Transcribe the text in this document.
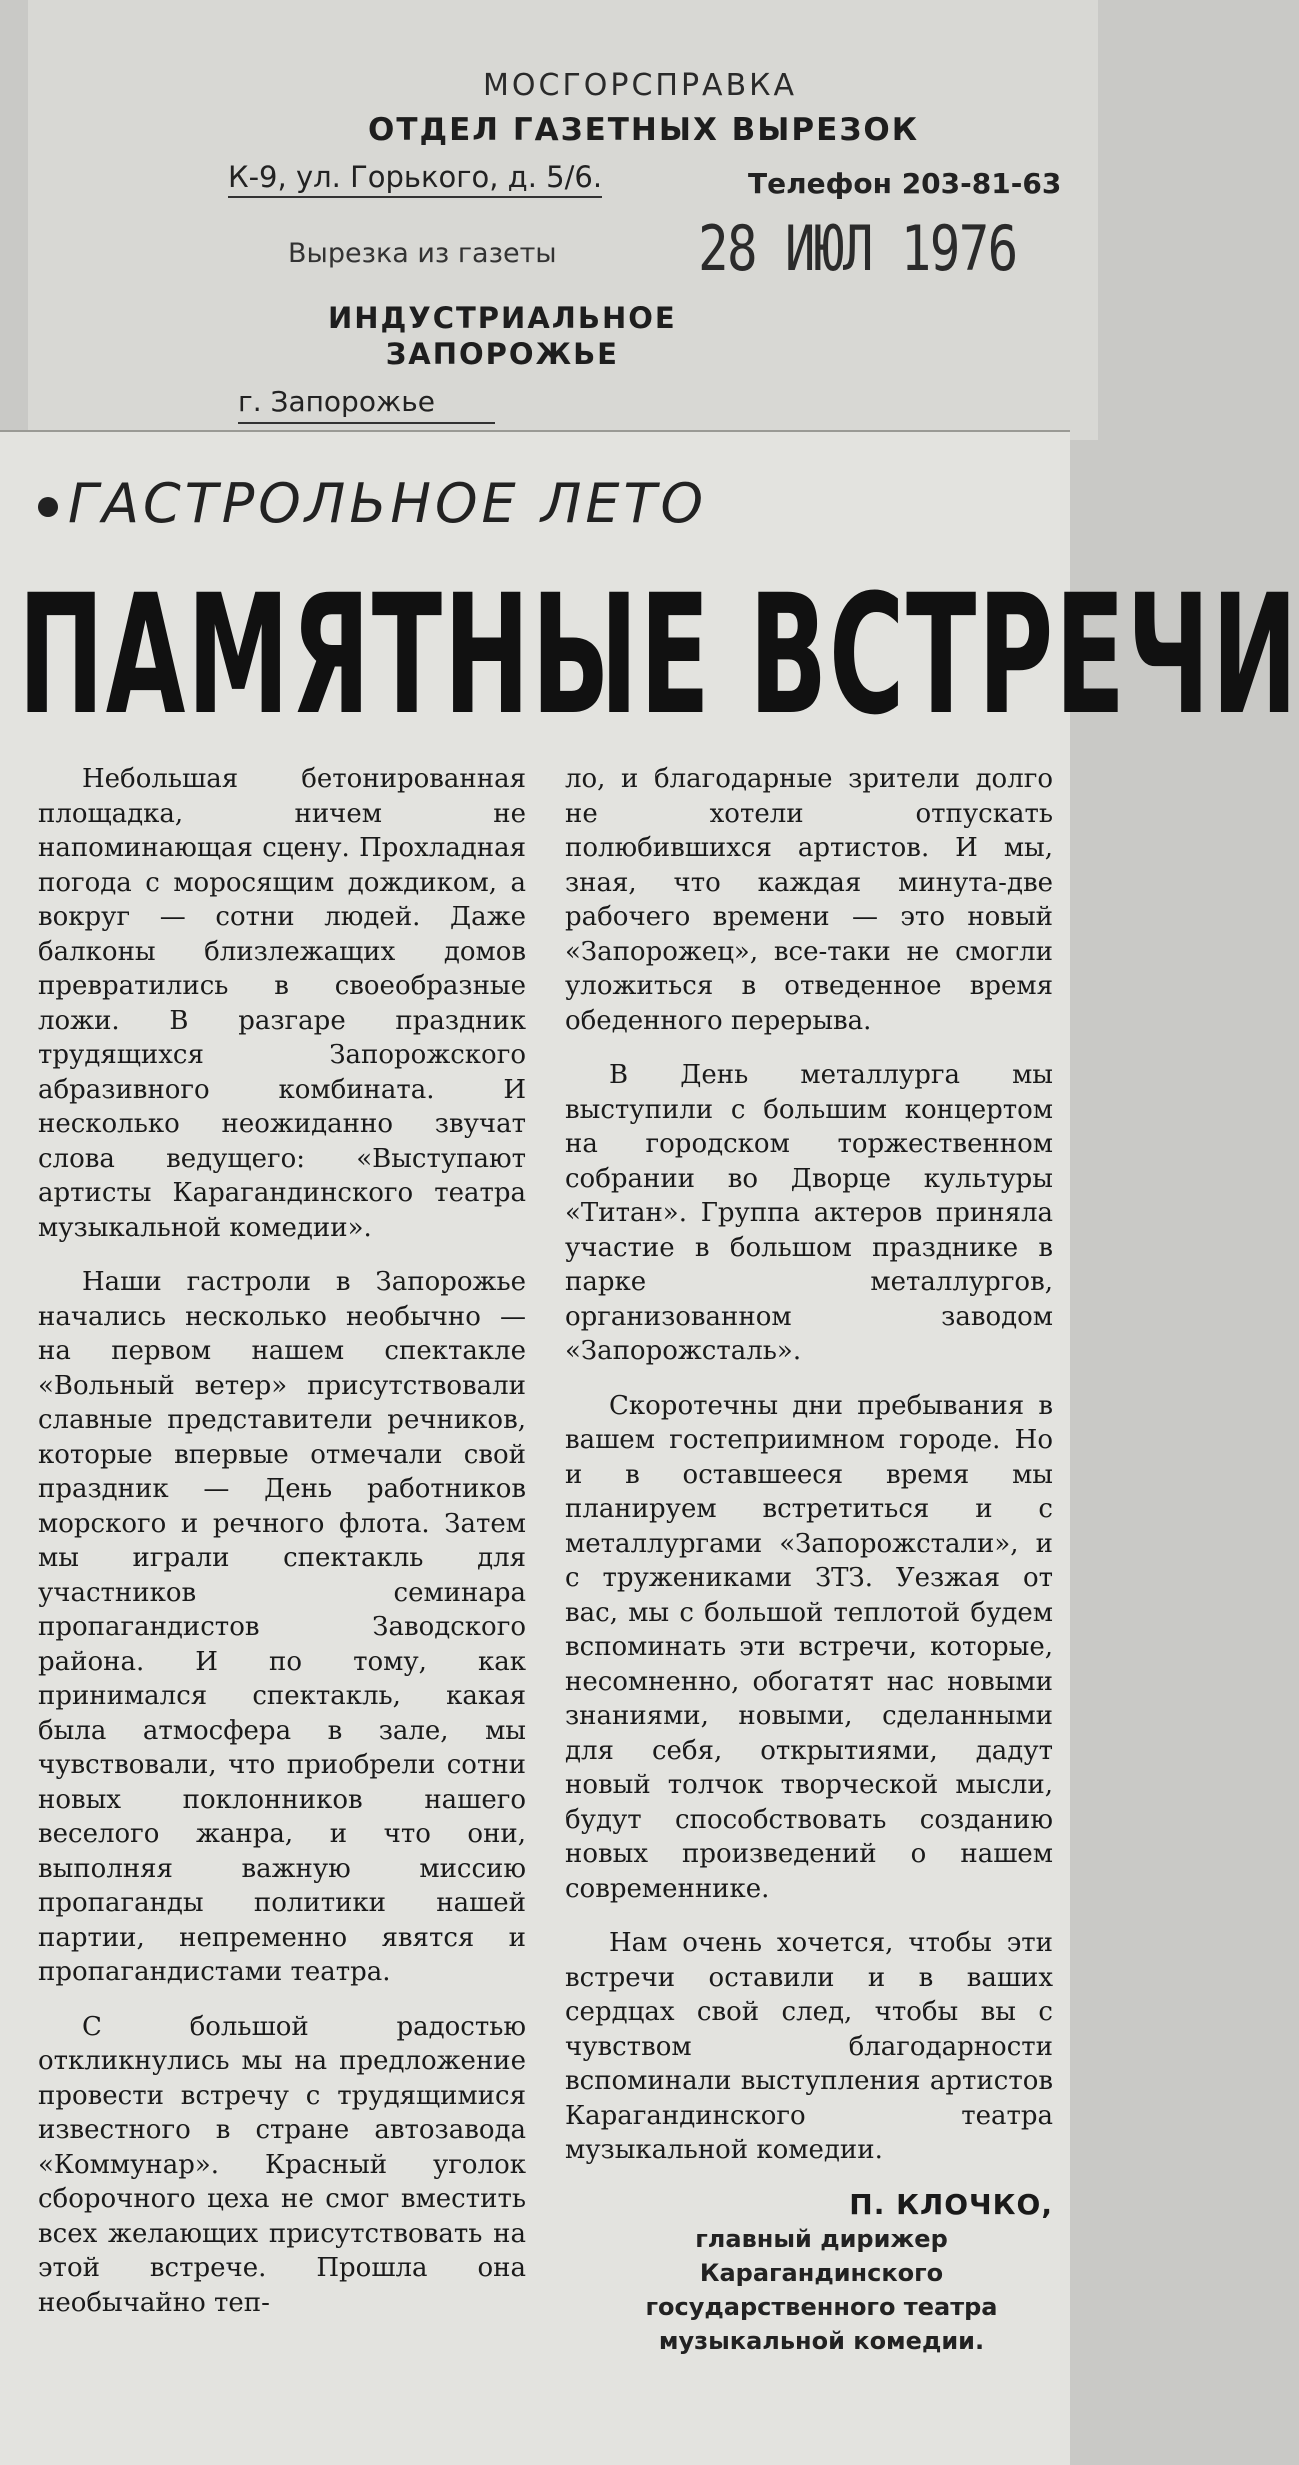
МОСГОРСПРАВКА
ОТДЕЛ ГАЗЕТНЫХ ВЫРЕЗОК
К-9, ул. Горького, д. 5/6.	Телефон 203-81-63
Вырезка из газеты 28 ИЮЛ 1976
ИНДУСТРИАЛЬНОЕ
ЗАПОРОЖЬЕ
г. Запорожье
ГАСТРОЛЬНОЕ ЛЕТО
ПАМЯТНЫЕ ВСТРЕЧИ

Небольшая бетонированная площадка, ничем не напоминающая сцену. Прохладная погода с моросящим дождиком, а вокруг — сотни людей. Даже балконы близлежащих домов превратились в своеобразные ложи. В разгаре праздник трудящихся Запорожского абразивного комбината. И несколько неожиданно звучат слова ведущего: «Выступают артисты Карагандинского театра музыкальной комедии».

Наши гастроли в Запорожье начались несколько необычно — на первом нашем спектакле «Вольный ветер» присутствовали славные представители речников, которые впервые отмечали свой праздник — День работников морского и речного флота. Затем мы играли спектакль для участников семинара пропагандистов Заводского района. И по тому, как принимался спектакль, какая была атмосфера в зале, мы чувствовали, что приобрели сотни новых поклонников нашего веселого жанра, и что они, выполняя важную миссию пропаганды политики нашей партии, непременно явятся и пропагандистами театра.

С большой радостью откликнулись мы на предложение провести встречу с трудящимися известного в стране автозавода «Коммунар». Красный уголок сборочного цеха не смог вместить всех желающих присутствовать на этой встрече. Прошла она необычайно теп-

ло, и благодарные зрители долго не хотели отпускать полюбившихся артистов. И мы, зная, что каждая минута-две рабочего времени — это новый «Запорожец», все-таки не смогли уложиться в отведенное время обеденного перерыва.

В День металлурга мы выступили с большим концертом на городском торжественном собрании во Дворце культуры «Титан». Группа актеров приняла участие в большом празднике в парке металлургов, организованном заводом «Запорожсталь».

Скоротечны дни пребывания в вашем гостеприимном городе. Но и в оставшееся время мы планируем встретиться и с металлургами «Запорожстали», и с тружениками ЗТЗ. Уезжая от вас, мы с большой теплотой будем вспоминать эти встречи, которые, несомненно, обогатят нас новыми знаниями, новыми, сделанными для себя, открытиями, дадут новый толчок творческой мысли, будут способствовать созданию новых произведений о нашем современнике.

Нам очень хочется, чтобы эти встречи оставили и в ваших сердцах свой след, чтобы вы с чувством благодарности вспоминали выступления артистов Карагандинского театра музыкальной комедии.

П. КЛОЧКО,
главный дирижер Карагандинского государственного театра музыкальной комедии.
